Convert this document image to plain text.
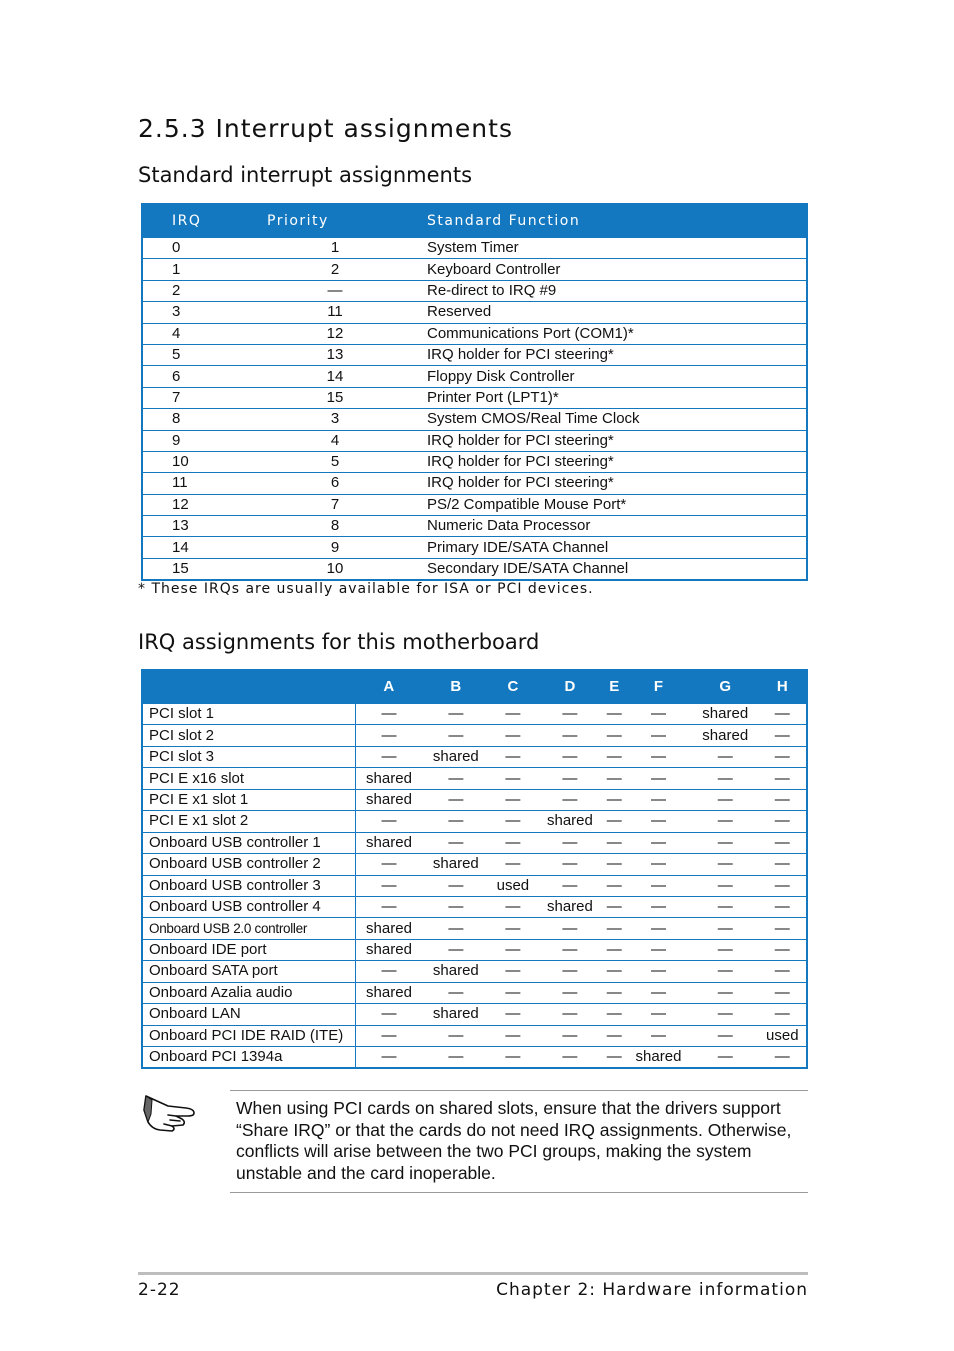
2.5.3 Interrupt assignments
Standard interrupt assignments
IRQ	Priority	Standard Function
0	1	System Timer
1	2	Keyboard Controller
2	—	Re-direct to IRQ #9
3	11	Reserved
4	12	Communications Port (COM1)*
5	13	IRQ holder for PCI steering*
6	14	Floppy Disk Controller
7	15	Printer Port (LPT1)*
8	3	System CMOS/Real Time Clock
9	4	IRQ holder for PCI steering*
10	5	IRQ holder for PCI steering*
11	6	IRQ holder for PCI steering*
12	7	PS/2 Compatible Mouse Port*
13	8	Numeric Data Processor
14	9	Primary IDE/SATA Channel
15	10	Secondary IDE/SATA Channel
* These IRQs are usually available for ISA or PCI devices.
IRQ assignments for this motherboard
	A	B	C	D	E	F	G	H
PCI slot 1	—	—	—	—	—	—	shared	—
PCI slot 2	—	—	—	—	—	—	shared	—
PCI slot 3	—	shared	—	—	—	—	—	—
PCI E x16 slot	shared	—	—	—	—	—	—	—
PCI E x1 slot 1	shared	—	—	—	—	—	—	—
PCI E x1 slot 2	—	—	—	shared	—	—	—	—
Onboard USB controller 1	shared	—	—	—	—	—	—	—
Onboard USB controller 2	—	shared	—	—	—	—	—	—
Onboard USB controller 3	—	—	used	—	—	—	—	—
Onboard USB controller 4	—	—	—	shared	—	—	—	—
Onboard USB 2.0 controller	shared	—	—	—	—	—	—	—
Onboard IDE port	shared	—	—	—	—	—	—	—
Onboard SATA port	—	shared	—	—	—	—	—	—
Onboard Azalia audio	shared	—	—	—	—	—	—	—
Onboard LAN	—	shared	—	—	—	—	—	—
Onboard PCI IDE RAID (ITE)	—	—	—	—	—	—	—	used
Onboard PCI 1394a	—	—	—	—	—	shared	—	—
When using PCI cards on shared slots, ensure that the drivers support “Share IRQ” or that the cards do not need IRQ assignments. Otherwise, conflicts will arise between the two PCI groups, making the system unstable and the card inoperable.
2-22	Chapter 2: Hardware information
